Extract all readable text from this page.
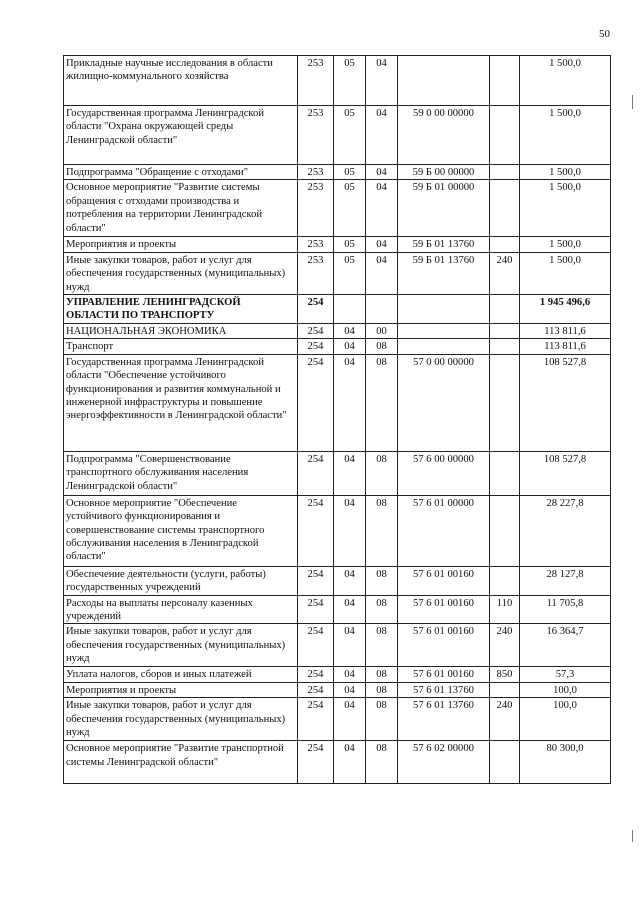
50
Прикладные научные исследования в области жилищно-коммунального хозяйства	253	05	04			1 500,0
Государственная программа Ленинградской области "Охрана окружающей среды Ленинградской области"	253	05	04	59 0 00 00000		1 500,0
Подпрограмма "Обращение с отходами"	253	05	04	59 Б 00 00000		1 500,0
Основное мероприятие "Развитие системы обращения с отходами производства и потребления на территории Ленинградской области"	253	05	04	59 Б 01 00000		1 500,0
Мероприятия и проекты	253	05	04	59 Б 01 13760		1 500,0
Иные закупки товаров, работ и услуг для обеспечения государственных (муниципальных) нужд	253	05	04	59 Б 01 13760	240	1 500,0
УПРАВЛЕНИЕ ЛЕНИНГРАДСКОЙ ОБЛАСТИ ПО ТРАНСПОРТУ	254					1 945 496,6
НАЦИОНАЛЬНАЯ ЭКОНОМИКА	254	04	00			113 811,6
Транспорт	254	04	08			113 811,6
Государственная программа Ленинградской области "Обеспечение устойчивого функционирования и развития коммунальной и инженерной инфраструктуры и повышение энергоэффективности в Ленинградской области"	254	04	08	57 0 00 00000		108 527,8
Подпрограмма "Совершенствование транспортного обслуживания населения Ленинградской области"	254	04	08	57 6 00 00000		108 527,8
Основное мероприятие "Обеспечение устойчивого функционирования и совершенствование системы транспортного обслуживания населения в Ленинградской области"	254	04	08	57 6 01 00000		28 227,8
Обеспечение деятельности (услуги, работы) государственных учреждений	254	04	08	57 6 01 00160		28 127,8
Расходы на выплаты персоналу казенных учреждений	254	04	08	57 6 01 00160	110	11 705,8
Иные закупки товаров, работ и услуг для обеспечения государственных (муниципальных) нужд	254	04	08	57 6 01 00160	240	16 364,7
Уплата налогов, сборов и иных платежей	254	04	08	57 6 01 00160	850	57,3
Мероприятия и проекты	254	04	08	57 6 01 13760		100,0
Иные закупки товаров, работ и услуг для обеспечения государственных (муниципальных) нужд	254	04	08	57 6 01 13760	240	100,0
Основное мероприятие "Развитие транспортной системы Ленинградской области"	254	04	08	57 6 02 00000		80 300,0
